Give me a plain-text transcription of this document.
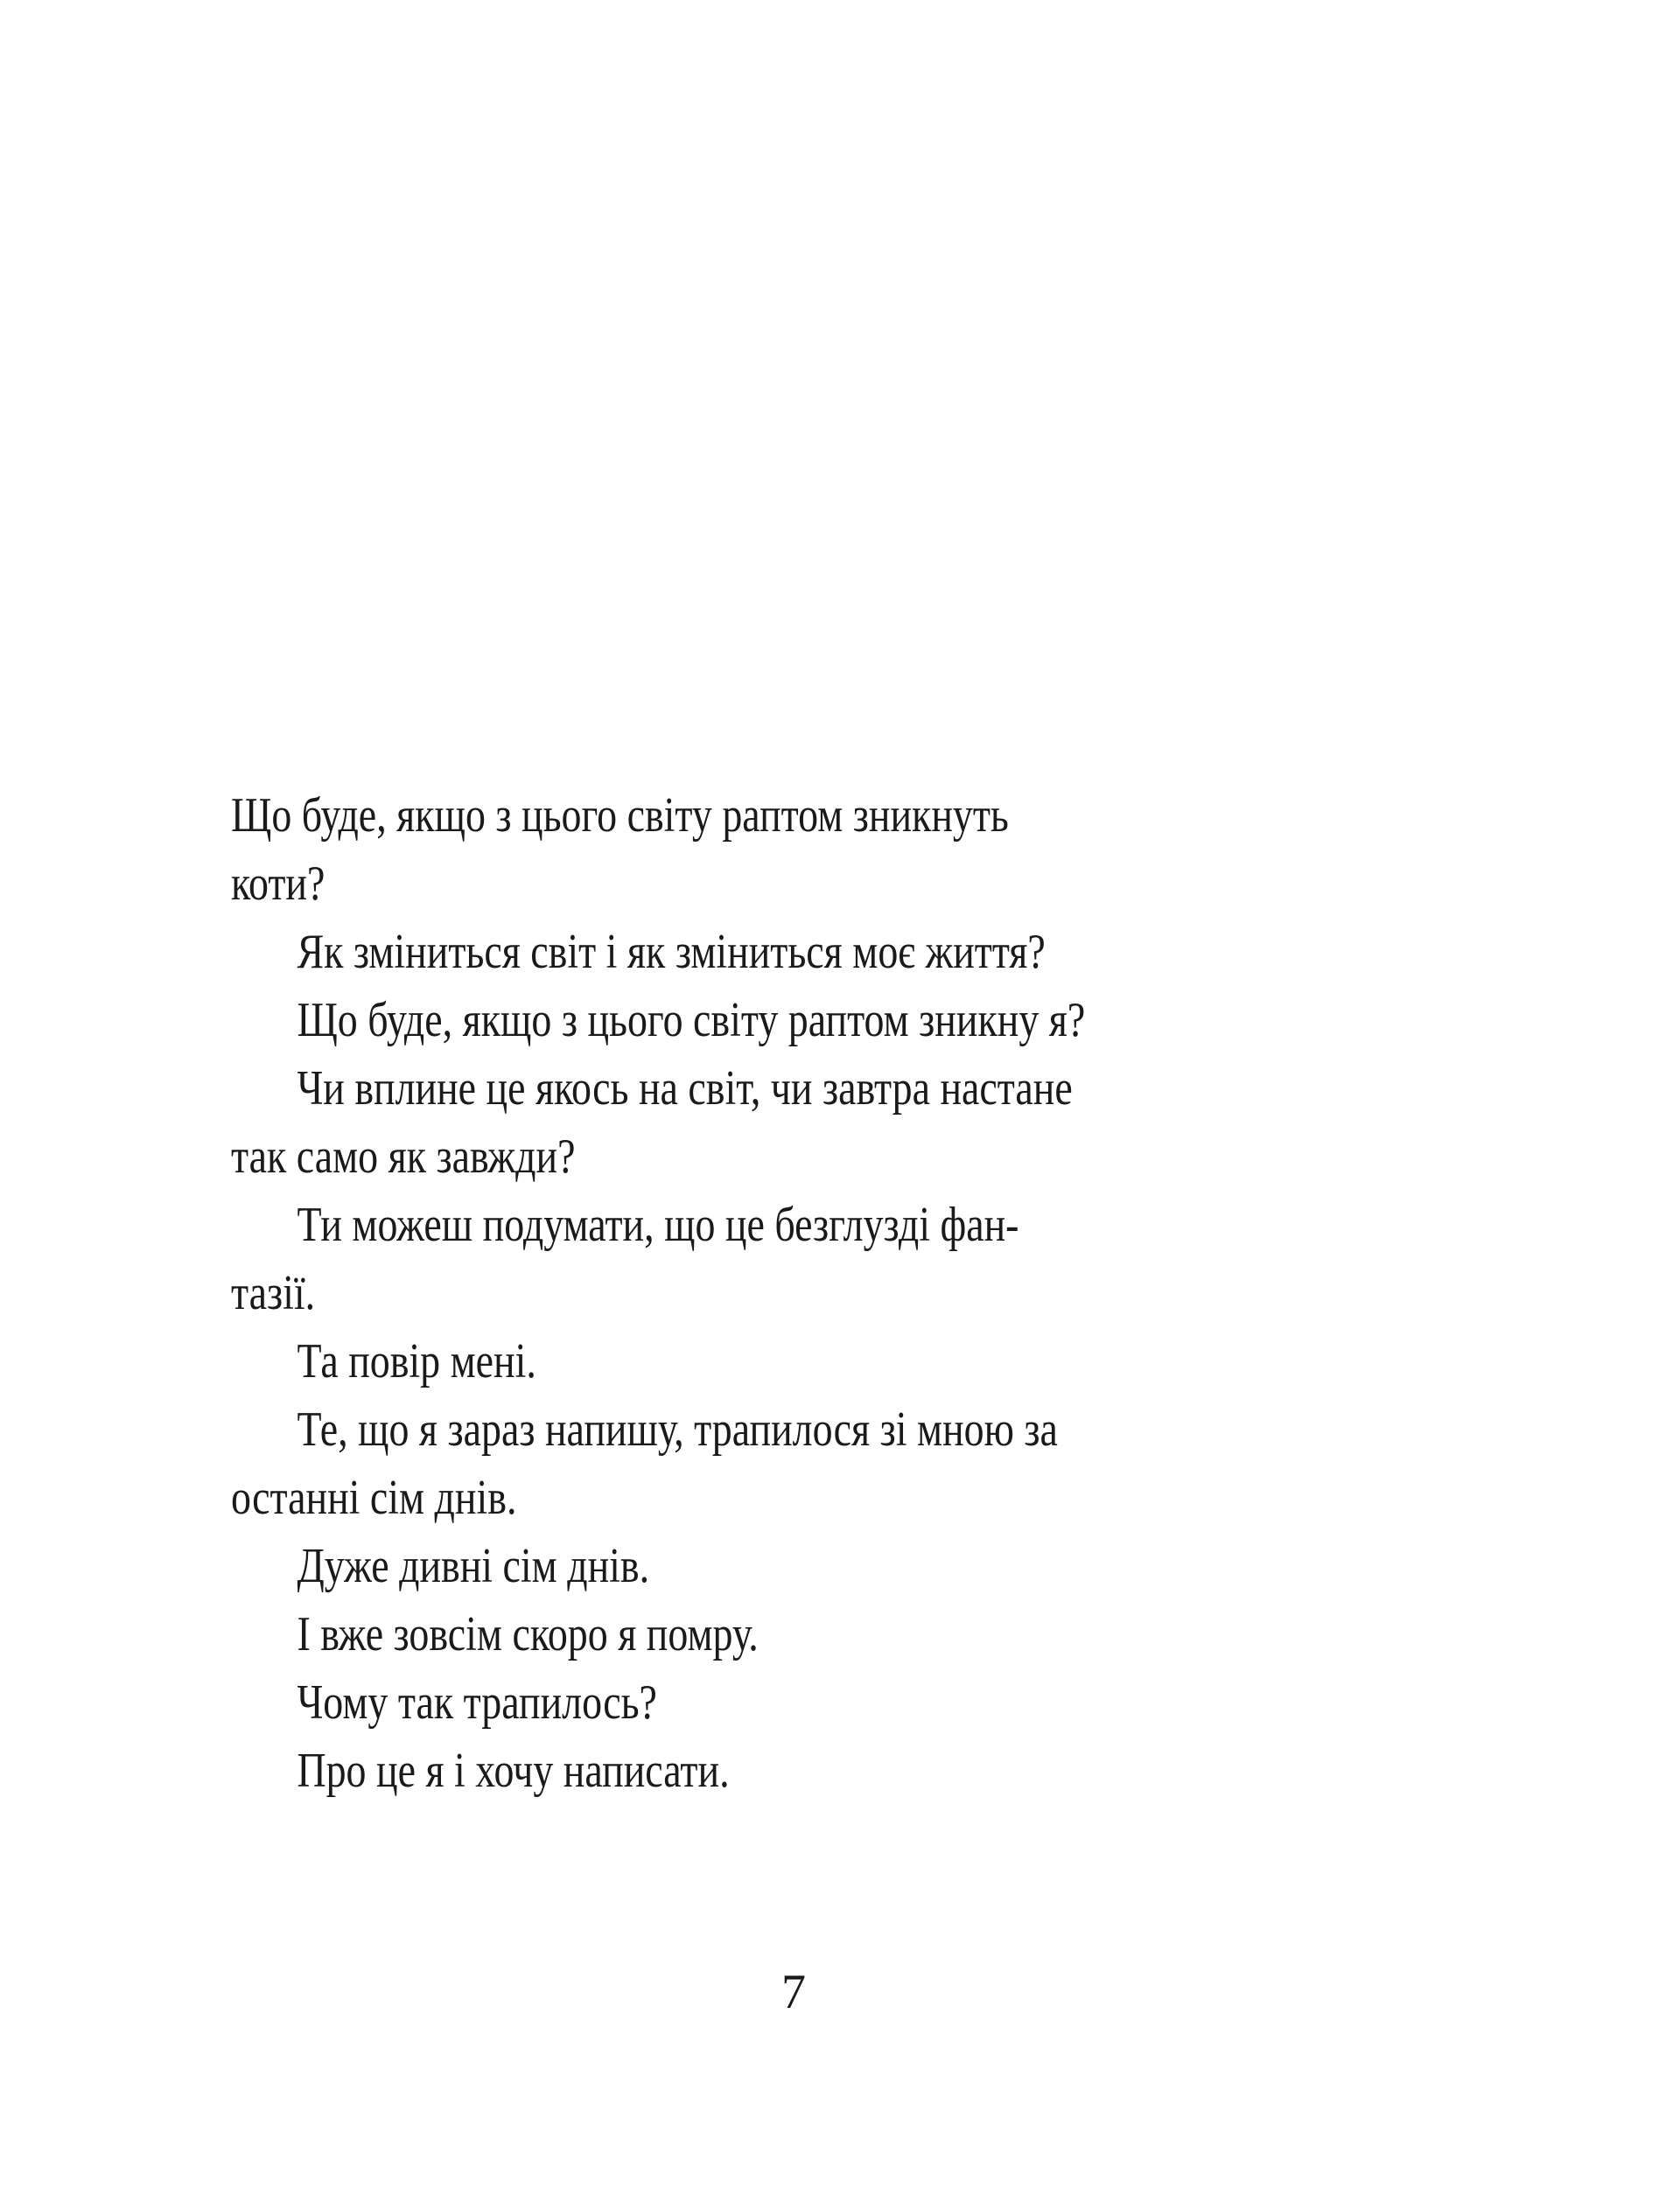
Що буде, якщо з цього світу раптом зникнуть
коти?
Як зміниться світ і як зміниться моє життя?
Що буде, якщо з цього світу раптом зникну я?
Чи вплине це якось на світ, чи завтра настане
так само як завжди?
Ти можеш подумати, що це безглузді фан-
тазії.
Та повір мені.
Те, що я зараз напишу, трапилося зі мною за
останні сім днів.
Дуже дивні сім днів.
І вже зовсім скоро я помру.
Чому так трапилось?
Про це я і хочу написати.
7
